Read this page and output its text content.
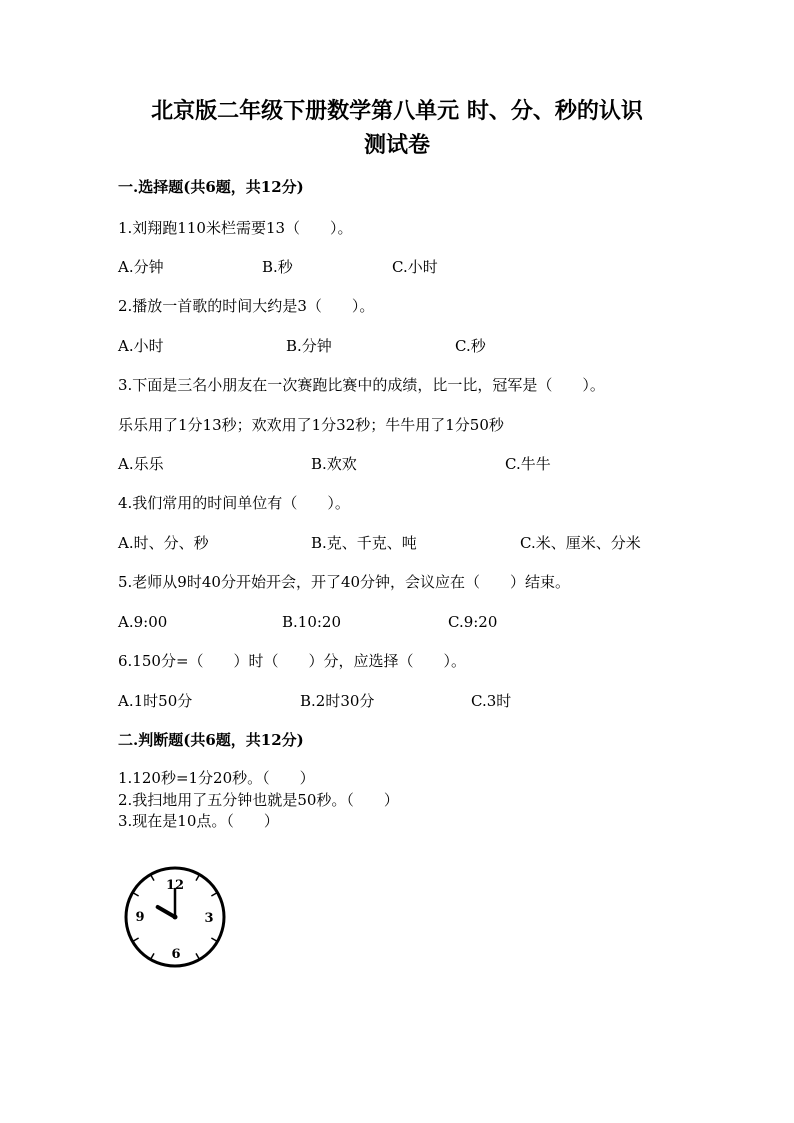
北京版二年级下册数学第八单元 时、分、秒的认识
测试卷
一.选择题(共6题，共12分)
1.刘翔跑110米栏需要13（　　）。
A.分钟	B.秒	C.小时
2.播放一首歌的时间大约是3（　　）。
A.小时	B.分钟	C.秒
3.下面是三名小朋友在一次赛跑比赛中的成绩，比一比，冠军是（　　）。
乐乐用了1分13秒；欢欢用了1分32秒；牛牛用了1分50秒
A.乐乐	B.欢欢	C.牛牛
4.我们常用的时间单位有（　　）。
A.时、分、秒	B.克、千克、吨	C.米、厘米、分米
5.老师从9时40分开始开会，开了40分钟，会议应在（　　）结束。
A.9:00	B.10:20	C.9:20
6.150分=（　　）时（　　）分，应选择（　　）。
A.1时50分	B.2时30分	C.3时
二.判断题(共6题，共12分)
1.120秒=1分20秒。（　　）
2.我扫地用了五分钟也就是50秒。（　　）
3.现在是10点。（　　）
12
3
6
9
